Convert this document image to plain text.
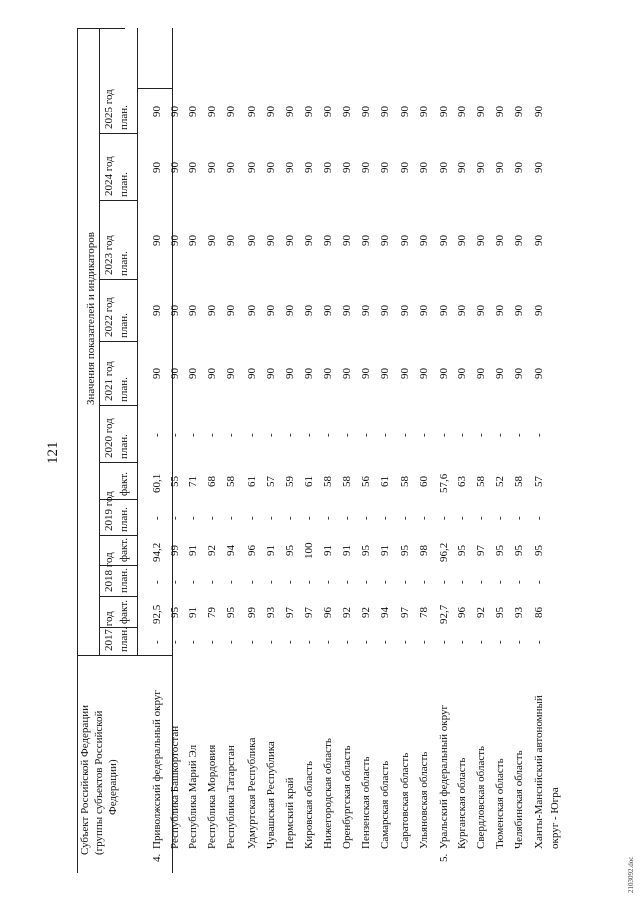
121
2103092.doc
Значения показателей и индикаторов
2017 год
2018 год
2019 год
2020 год
2021 год
2022 год
2023 год
2024 год
2025 год
план.
факт.
план.
факт.
план.
факт.
план.
план.
план.
план.
план.
план.
Субъект Российской Федерации (группы субъектов Российской Федерации)
4.
Приволжский федеральный округ
-
92,5
-
94,2
-
60,1
-
90
90
90
90
90
Республика Башкортостан
-
95
-
99
-
55
-
90
90
90
90
90
Республика Марий Эл
-
91
-
91
-
71
-
90
90
90
90
90
Республика Мордовия
-
79
-
92
-
68
-
90
90
90
90
90
Республика Татарстан
-
95
-
94
-
58
-
90
90
90
90
90
Удмуртская Республика
-
99
-
96
-
61
-
90
90
90
90
90
Чувашская Республика
-
93
-
91
-
57
-
90
90
90
90
90
Пермский край
-
97
-
95
-
59
-
90
90
90
90
90
Кировская область
-
97
-
100
-
61
-
90
90
90
90
90
Нижегородская область
-
96
-
91
-
58
-
90
90
90
90
90
Оренбургская область
-
92
-
91
-
58
-
90
90
90
90
90
Пензенская область
-
92
-
95
-
56
-
90
90
90
90
90
Самарская область
-
94
-
91
-
61
-
90
90
90
90
90
Саратовская область
-
97
-
95
-
58
-
90
90
90
90
90
Ульяновская область
-
78
-
98
-
60
-
90
90
90
90
90
5.
Уральский федеральный округ
-
92,7
-
96,2
-
57,6
-
90
90
90
90
90
Курганская область
-
96
-
95
-
63
-
90
90
90
90
90
Свердловская область
-
92
-
97
-
58
-
90
90
90
90
90
Тюменская область
-
95
-
95
-
52
-
90
90
90
90
90
Челябинская область
-
93
-
95
-
58
-
90
90
90
90
90
Ханты-Мансийский автономный округ - Югра
-
86
-
95
-
57
-
90
90
90
90
90
